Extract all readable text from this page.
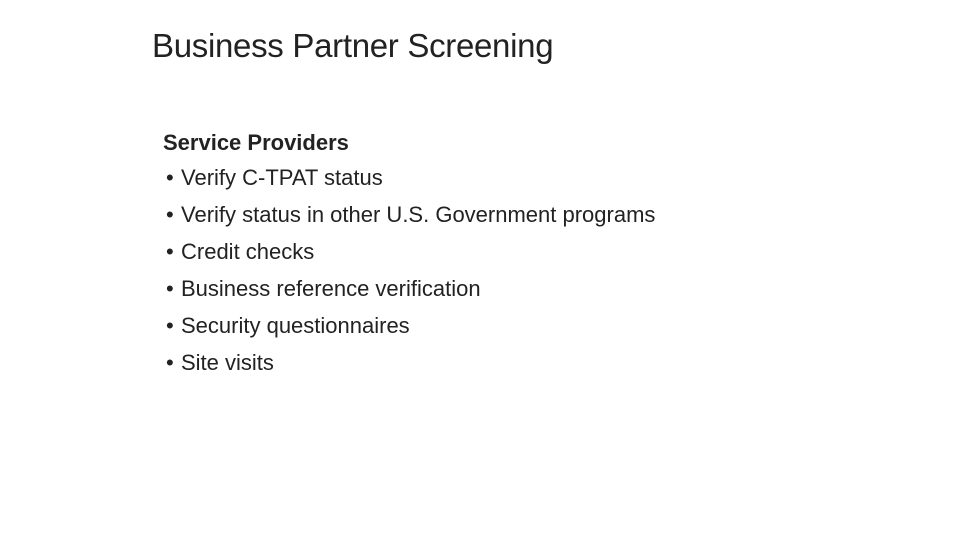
Business Partner Screening
Service Providers
• Verify C-TPAT status
• Verify status in other U.S. Government programs
• Credit checks
• Business reference verification
• Security questionnaires
• Site visits
